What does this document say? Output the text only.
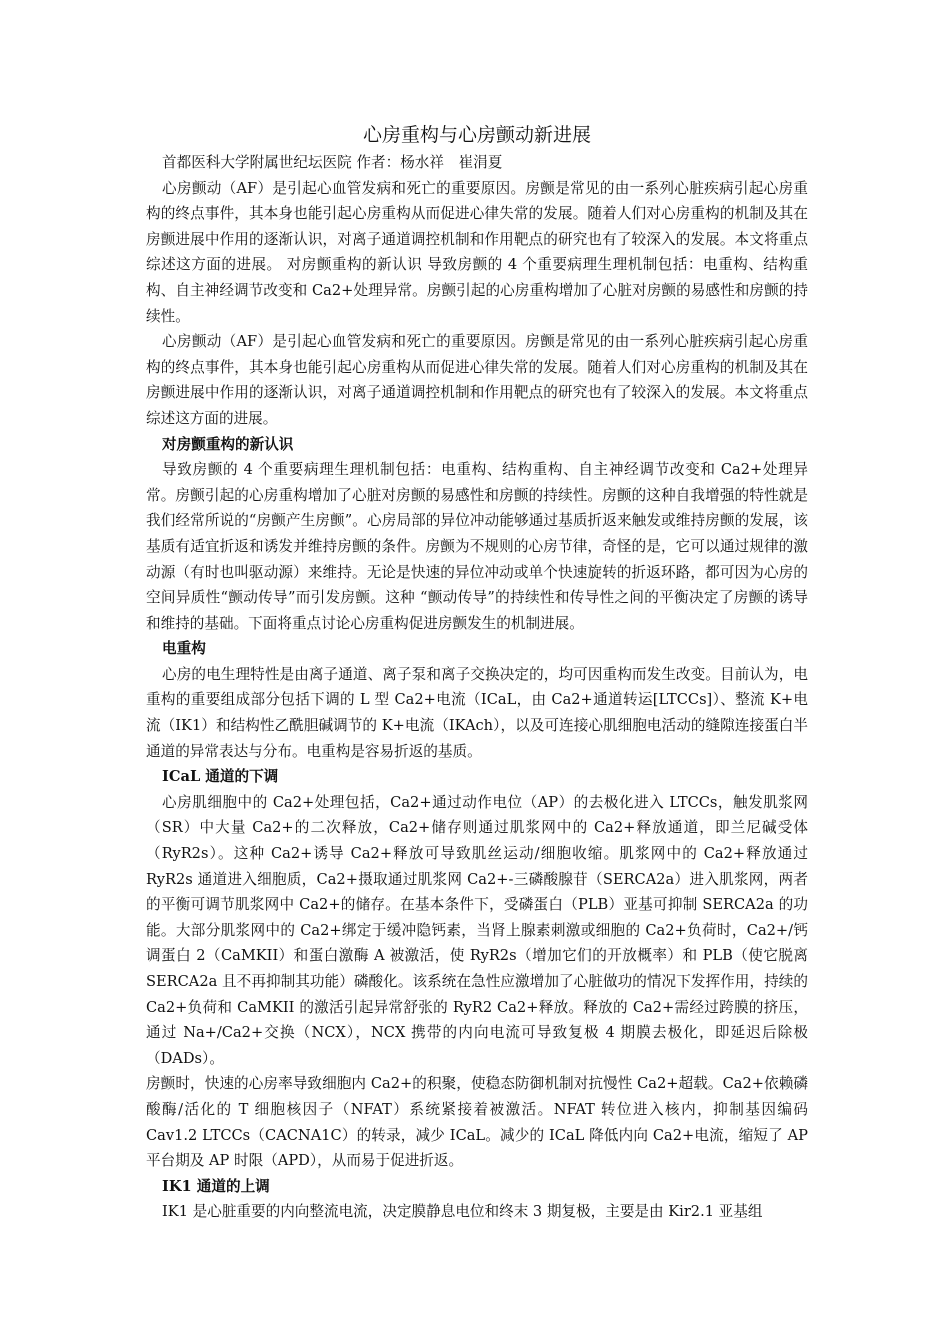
心房重构与心房颤动新进展

首都医科大学附属世纪坛医院 作者：杨水祥　崔涓夏

心房颤动（AF）是引起心血管发病和死亡的重要原因。房颤是常见的由一系列心脏疾病引起心房重构的终点事件，其本身也能引起心房重构从而促进心律失常的发展。随着人们对心房重构的机制及其在房颤进展中作用的逐渐认识，对离子通道调控机制和作用靶点的研究也有了较深入的发展。本文将重点综述这方面的进展。 对房颤重构的新认识 导致房颤的 4 个重要病理生理机制包括：电重构、结构重构、自主神经调节改变和 Ca2+处理异常。房颤引起的心房重构增加了心脏对房颤的易感性和房颤的持续性。

心房颤动（AF）是引起心血管发病和死亡的重要原因。房颤是常见的由一系列心脏疾病引起心房重构的终点事件，其本身也能引起心房重构从而促进心律失常的发展。随着人们对心房重构的机制及其在房颤进展中作用的逐渐认识，对离子通道调控机制和作用靶点的研究也有了较深入的发展。本文将重点综述这方面的进展。

对房颤重构的新认识

导致房颤的 4 个重要病理生理机制包括：电重构、结构重构、自主神经调节改变和 Ca2+处理异常。房颤引起的心房重构增加了心脏对房颤的易感性和房颤的持续性。房颤的这种自我增强的特性就是我们经常所说的“房颤产生房颤”。心房局部的异位冲动能够通过基质折返来触发或维持房颤的发展，该基质有适宜折返和诱发并维持房颤的条件。房颤为不规则的心房节律，奇怪的是，它可以通过规律的激动源（有时也叫驱动源）来维持。无论是快速的异位冲动或单个快速旋转的折返环路，都可因为心房的空间异质性“颤动传导”而引发房颤。这种 “颤动传导”的持续性和传导性之间的平衡决定了房颤的诱导和维持的基础。下面将重点讨论心房重构促进房颤发生的机制进展。

电重构

心房的电生理特性是由离子通道、离子泵和离子交换决定的，均可因重构而发生改变。目前认为，电重构的重要组成部分包括下调的 L 型 Ca2+电流（ICaL，由 Ca2+通道转运[LTCCs]）、整流 K+电流（IK1）和结构性乙酰胆碱调节的 K+电流（IKAch），以及可连接心肌细胞电活动的缝隙连接蛋白半通道的异常表达与分布。电重构是容易折返的基质。

ICaL 通道的下调

心房肌细胞中的 Ca2+处理包括，Ca2+通过动作电位（AP）的去极化进入 LTCCs，触发肌浆网（SR）中大量 Ca2+的二次释放，Ca2+储存则通过肌浆网中的 Ca2+释放通道，即兰尼碱受体（RyR2s）。这种 Ca2+诱导 Ca2+释放可导致肌丝运动/细胞收缩。肌浆网中的 Ca2+释放通过 RyR2s 通道进入细胞质，Ca2+摄取通过肌浆网 Ca2+-三磷酸腺苷（SERCA2a）进入肌浆网，两者的平衡可调节肌浆网中 Ca2+的储存。在基本条件下，受磷蛋白（PLB）亚基可抑制 SERCA2a 的功能。大部分肌浆网中的 Ca2+绑定于缓冲隐钙素，当肾上腺素刺激或细胞的 Ca2+负荷时，Ca2+/钙调蛋白 2（CaMKII）和蛋白激酶 A 被激活，使 RyR2s（增加它们的开放概率）和 PLB（使它脱离 SERCA2a 且不再抑制其功能）磷酸化。该系统在急性应激增加了心脏做功的情况下发挥作用，持续的 Ca2+负荷和 CaMKII 的激活引起异常舒张的 RyR2 Ca2+释放。释放的 Ca2+需经过跨膜的挤压，通过 Na+/Ca2+交换（NCX），NCX 携带的内向电流可导致复极 4 期膜去极化，即延迟后除极（DADs）。

房颤时，快速的心房率导致细胞内 Ca2+的积聚，使稳态防御机制对抗慢性 Ca2+超载。Ca2+依赖磷酸酶/活化的 T 细胞核因子（NFAT）系统紧接着被激活。NFAT 转位进入核内，抑制基因编码 Cav1.2 LTCCs（CACNA1C）的转录，减少 ICaL。减少的 ICaL 降低内向 Ca2+电流，缩短了 AP 平台期及 AP 时限（APD），从而易于促进折返。

IK1 通道的上调

IK1 是心脏重要的内向整流电流，决定膜静息电位和终末 3 期复极，主要是由 Kir2.1 亚基组
